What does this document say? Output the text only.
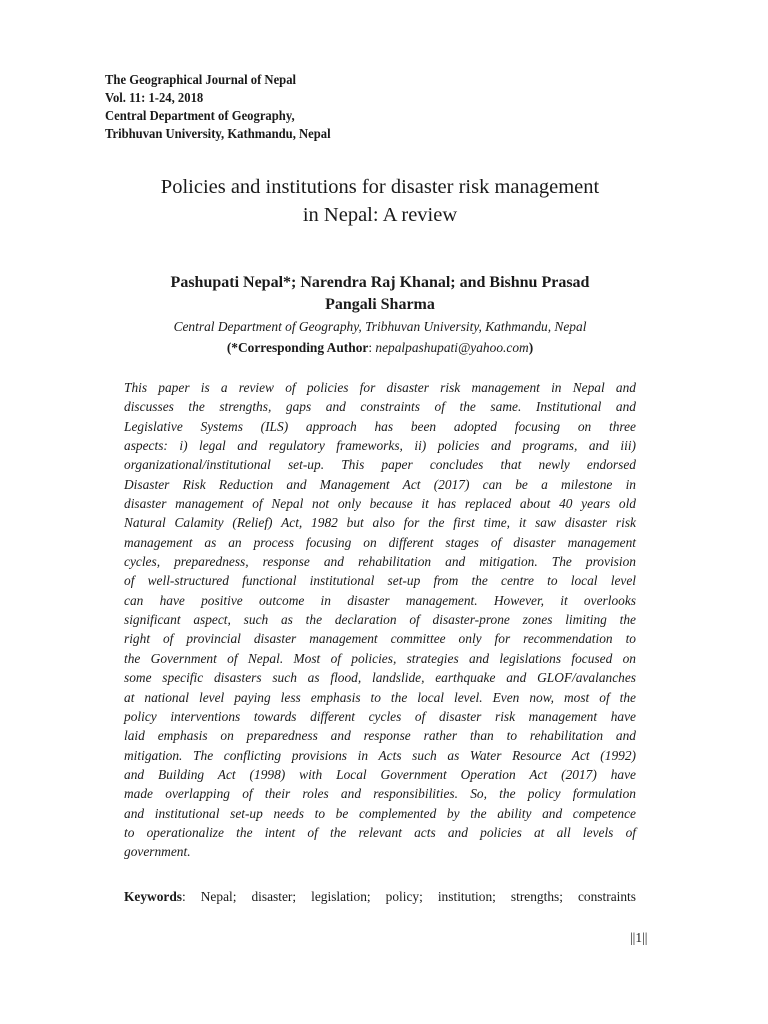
The Geographical Journal of Nepal
Vol. 11: 1-24, 2018
Central Department of Geography,
Tribhuvan University, Kathmandu, Nepal
Policies and institutions for disaster risk management
in Nepal: A review
Pashupati Nepal*; Narendra Raj Khanal; and Bishnu Prasad
Pangali Sharma
Central Department of Geography, Tribhuvan University, Kathmandu, Nepal
(*Corresponding Author: nepalpashupati@yahoo.com)
This paper is a review of policies for disaster risk management in Nepal and
discusses the strengths, gaps and constraints of the same. Institutional and
Legislative Systems (ILS) approach has been adopted focusing on three
aspects: i) legal and regulatory frameworks, ii) policies and programs, and iii)
organizational/institutional set-up. This paper concludes that newly endorsed
Disaster Risk Reduction and Management Act (2017) can be a milestone in
disaster management of Nepal not only because it has replaced about 40 years old
Natural Calamity (Relief) Act, 1982 but also for the first time, it saw disaster risk
management as an process focusing on different stages of disaster management
cycles, preparedness, response and rehabilitation and mitigation. The provision
of well-structured functional institutional set-up from the centre to local level
can have positive outcome in disaster management. However, it overlooks
significant aspect, such as the declaration of disaster-prone zones limiting the
right of provincial disaster management committee only for recommendation to
the Government of Nepal. Most of policies, strategies and legislations focused on
some specific disasters such as flood, landslide, earthquake and GLOF/avalanches
at national level paying less emphasis to the local level. Even now, most of the
policy interventions towards different cycles of disaster risk management have
laid emphasis on preparedness and response rather than to rehabilitation and
mitigation. The conflicting provisions in Acts such as Water Resource Act (1992)
and Building Act (1998) with Local Government Operation Act (2017) have
made overlapping of their roles and responsibilities. So, the policy formulation
and institutional set-up needs to be complemented by the ability and competence
to operationalize the intent of the relevant acts and policies at all levels of
government.
Keywords: Nepal; disaster; legislation; policy; institution; strengths; constraints
||1||
